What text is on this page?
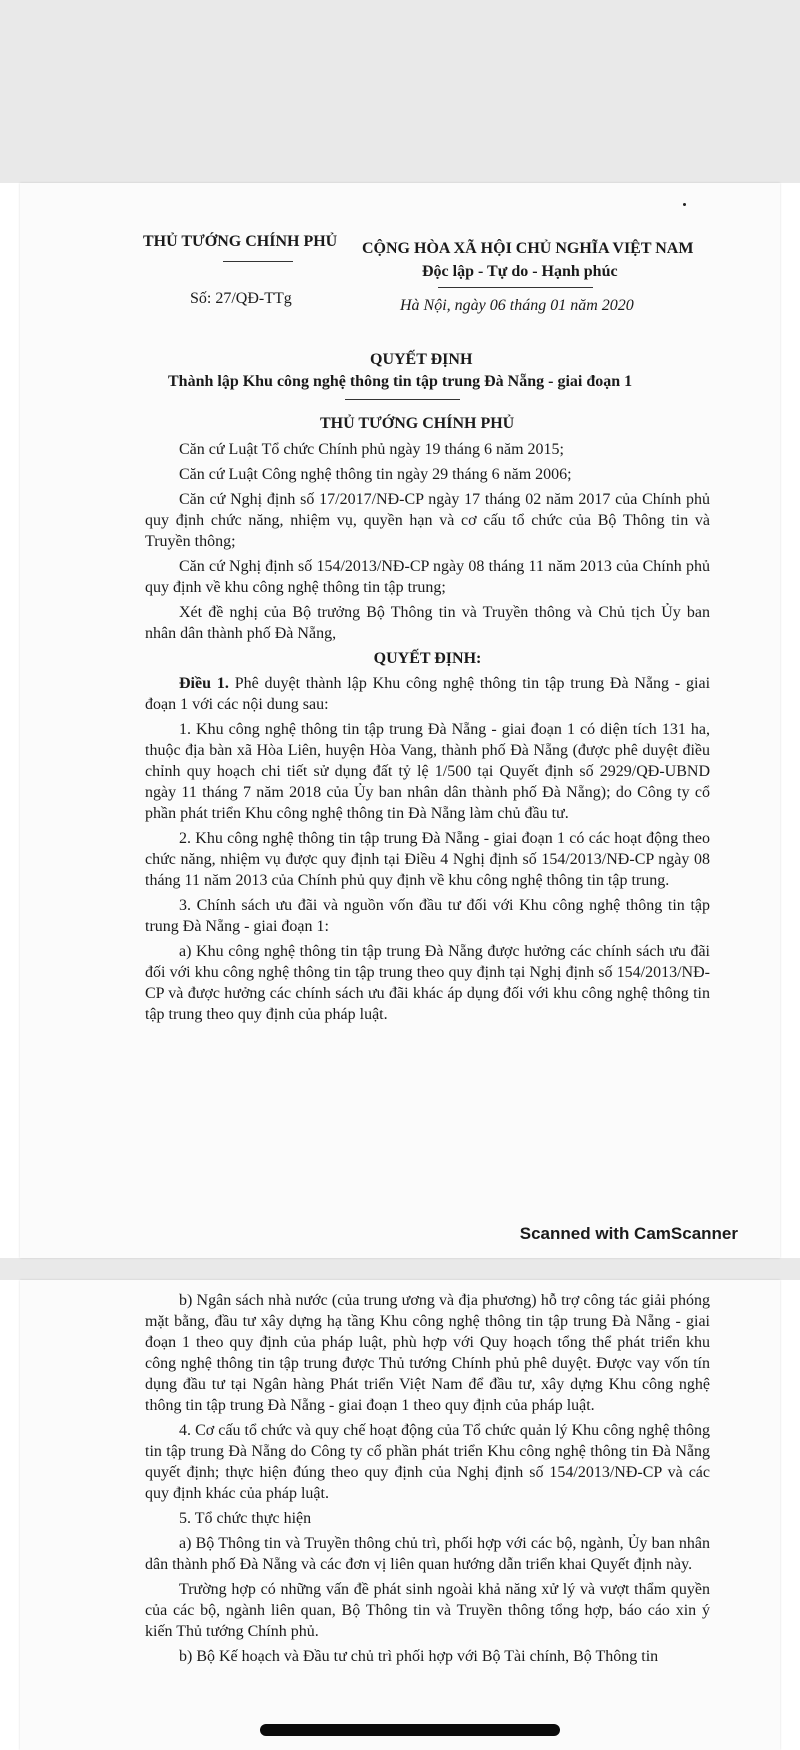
THỦ TƯỚNG CHÍNH PHỦ
Số: 27/QĐ-TTg
CỘNG HÒA XÃ HỘI CHỦ NGHĨA VIỆT NAM
Độc lập - Tự do - Hạnh phúc
Hà Nội, ngày 06 tháng 01 năm 2020
QUYẾT ĐỊNH
Thành lập Khu công nghệ thông tin tập trung Đà Nẵng - giai đoạn 1
THỦ TƯỚNG CHÍNH PHỦ

Căn cứ Luật Tổ chức Chính phủ ngày 19 tháng 6 năm 2015;

Căn cứ Luật Công nghệ thông tin ngày 29 tháng 6 năm 2006;

Căn cứ Nghị định số 17/2017/NĐ-CP ngày 17 tháng 02 năm 2017 của Chính phủ quy định chức năng, nhiệm vụ, quyền hạn và cơ cấu tổ chức của Bộ Thông tin và Truyền thông;

Căn cứ Nghị định số 154/2013/NĐ-CP ngày 08 tháng 11 năm 2013 của Chính phủ quy định về khu công nghệ thông tin tập trung;

Xét đề nghị của Bộ trưởng Bộ Thông tin và Truyền thông và Chủ tịch Ủy ban nhân dân thành phố Đà Nẵng,

QUYẾT ĐỊNH:

Điều 1. Phê duyệt thành lập Khu công nghệ thông tin tập trung Đà Nẵng - giai đoạn 1 với các nội dung sau:

1. Khu công nghệ thông tin tập trung Đà Nẵng - giai đoạn 1 có diện tích 131 ha, thuộc địa bàn xã Hòa Liên, huyện Hòa Vang, thành phố Đà Nẵng (được phê duyệt điều chỉnh quy hoạch chi tiết sử dụng đất tỷ lệ 1/500 tại Quyết định số 2929/QĐ-UBND ngày 11 tháng 7 năm 2018 của Ủy ban nhân dân thành phố Đà Nẵng); do Công ty cổ phần phát triển Khu công nghệ thông tin Đà Nẵng làm chủ đầu tư.

2. Khu công nghệ thông tin tập trung Đà Nẵng - giai đoạn 1 có các hoạt động theo chức năng, nhiệm vụ được quy định tại Điều 4 Nghị định số 154/2013/NĐ-CP ngày 08 tháng 11 năm 2013 của Chính phủ quy định về khu công nghệ thông tin tập trung.

3. Chính sách ưu đãi và nguồn vốn đầu tư đối với Khu công nghệ thông tin tập trung Đà Nẵng - giai đoạn 1:

a) Khu công nghệ thông tin tập trung Đà Nẵng được hưởng các chính sách ưu đãi đối với khu công nghệ thông tin tập trung theo quy định tại Nghị định số 154/2013/NĐ-CP và được hưởng các chính sách ưu đãi khác áp dụng đối với khu công nghệ thông tin tập trung theo quy định của pháp luật.

Scanned with CamScanner

b) Ngân sách nhà nước (của trung ương và địa phương) hỗ trợ công tác giải phóng mặt bằng, đầu tư xây dựng hạ tầng Khu công nghệ thông tin tập trung Đà Nẵng - giai đoạn 1 theo quy định của pháp luật, phù hợp với Quy hoạch tổng thể phát triển khu công nghệ thông tin tập trung được Thủ tướng Chính phủ phê duyệt. Được vay vốn tín dụng đầu tư tại Ngân hàng Phát triển Việt Nam để đầu tư, xây dựng Khu công nghệ thông tin tập trung Đà Nẵng - giai đoạn 1 theo quy định của pháp luật.

4. Cơ cấu tổ chức và quy chế hoạt động của Tổ chức quản lý Khu công nghệ thông tin tập trung Đà Nẵng do Công ty cổ phần phát triển Khu công nghệ thông tin Đà Nẵng quyết định; thực hiện đúng theo quy định của Nghị định số 154/2013/NĐ-CP và các quy định khác của pháp luật.

5. Tổ chức thực hiện

a) Bộ Thông tin và Truyền thông chủ trì, phối hợp với các bộ, ngành, Ủy ban nhân dân thành phố Đà Nẵng và các đơn vị liên quan hướng dẫn triển khai Quyết định này.

Trường hợp có những vấn đề phát sinh ngoài khả năng xử lý và vượt thẩm quyền của các bộ, ngành liên quan, Bộ Thông tin và Truyền thông tổng hợp, báo cáo xin ý kiến Thủ tướng Chính phủ.

b) Bộ Kế hoạch và Đầu tư chủ trì phối hợp với Bộ Tài chính, Bộ Thông tin
